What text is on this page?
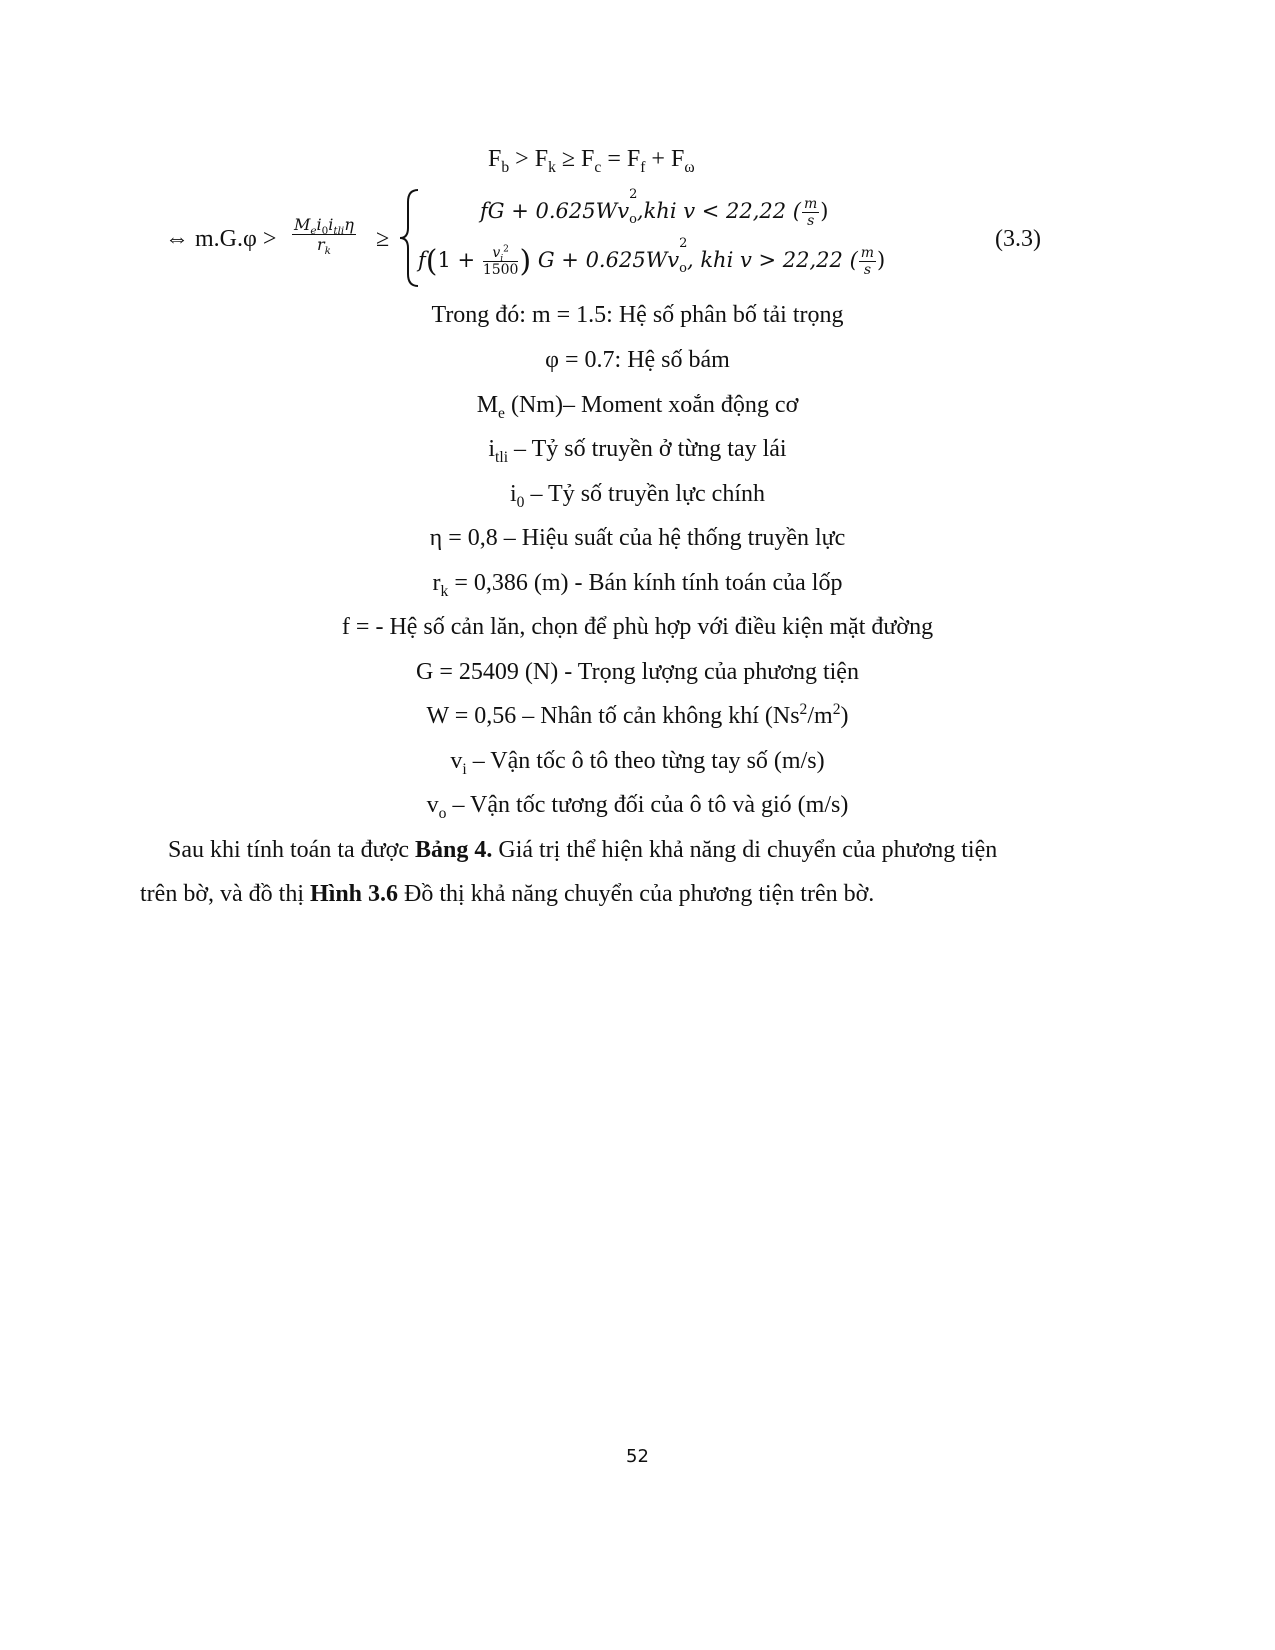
$F_b > F_k \ge F_c = F_f + F_\omega$
⇔ $m.G.\varphi > \frac{M_ei_0i_{tli}\eta}{r_k}$ ≥
fG + 0.625Wv
2
$_o$,khi v < 22,22 ( $\frac{m}{s}$ )
$f(1 + \frac{v_i^2}{1500}$ ) G + 0.625Wv
2
$_o$, khi v > 22,22 ( $\frac{m}{s}$ )
(3.3)
Trong đó: m = 1.5: Hệ số phân bố tải trọng
φ = 0.7: Hệ số bám
$M_e$ (Nm)– Moment xoắn động cơ
$i_{tli}$ – Tỷ số truyền ở từng tay lái
$i_0$ – Tỷ số truyền lực chính
η = 0,8 – Hiệu suất của hệ thống truyền lực
$r_k = 0,386$ (m) - Bán kính tính toán của lốp
f = - Hệ số cản lăn, chọn để phù hợp với điều kiện mặt đường
G = 25409 (N) - Trọng lượng của phương tiện
W = 0,56 – Nhân tố cản không khí $(Ns^2/m^2)$
$v_i$ – Vận tốc ô tô theo từng tay số (m/s)
$v_o$ – Vận tốc tương đối của ô tô và gió (m/s)
Sau khi tính toán ta được Bảng 4. Giá trị thể hiện khả năng di chuyển của phương tiện
trên bờ, và đồ thị Hình 3.6 Đồ thị khả năng chuyển của phương tiện trên bờ.
52
